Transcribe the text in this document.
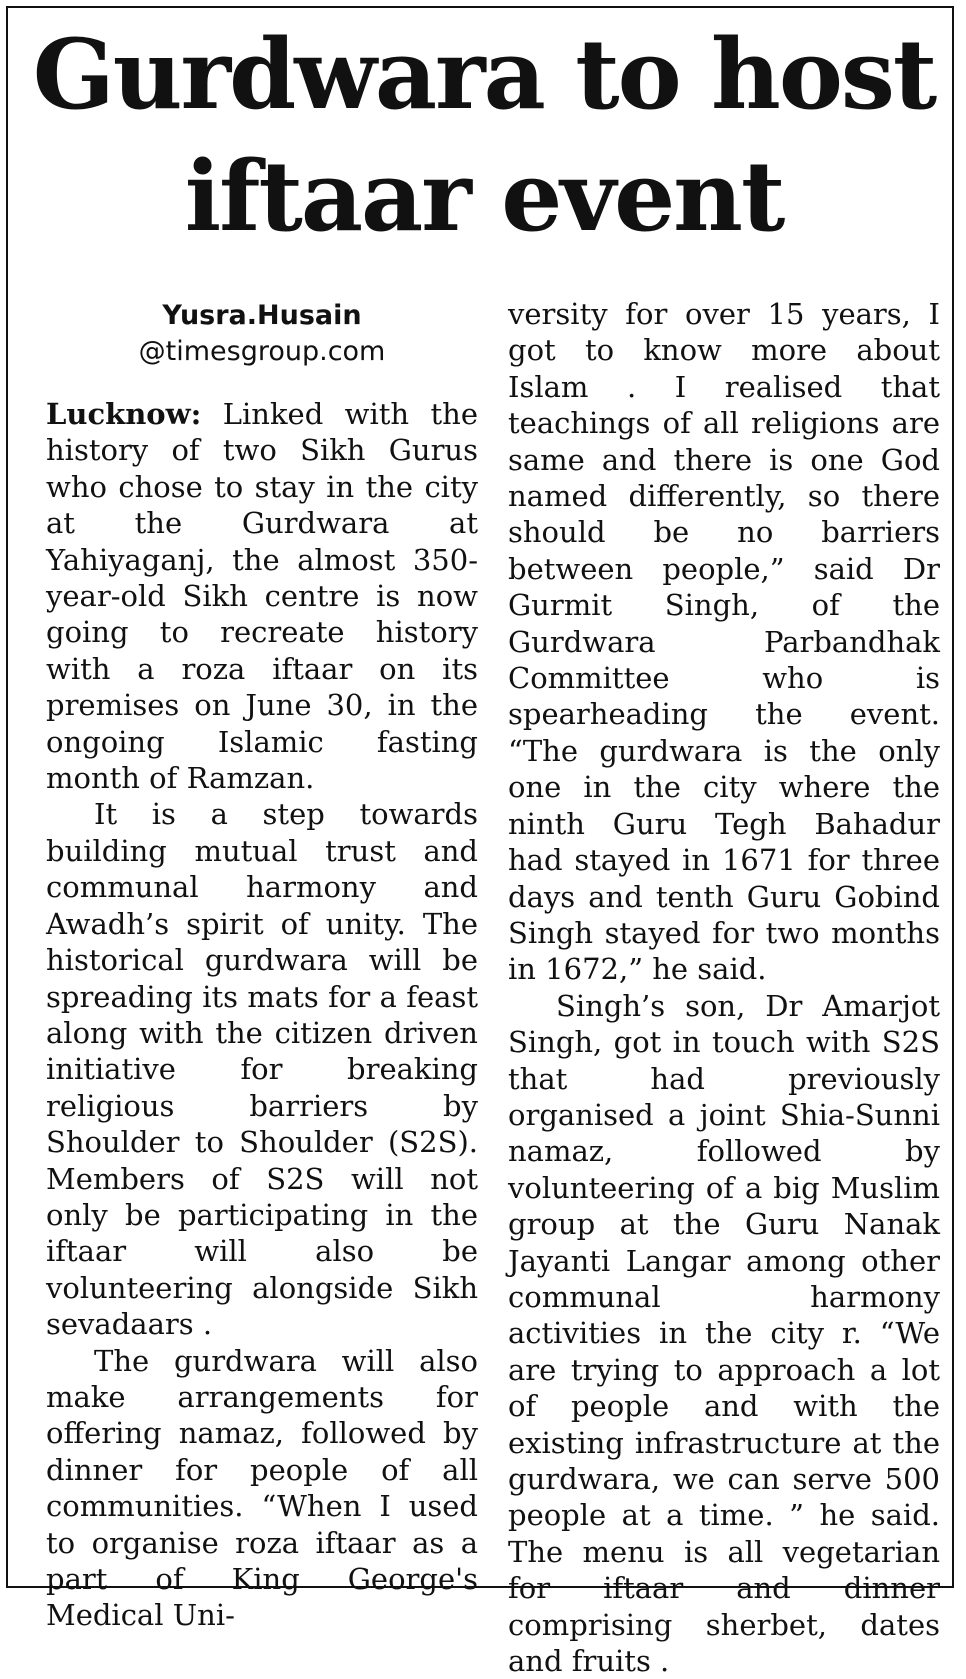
Gurdwara to host iftaar event
Yusra.Husain
@timesgroup.com

Lucknow: Linked with the history of two Sikh Gurus who chose to stay in the city at the Gurdwara at Yahiyaganj, the almost 350-year-old Sikh centre is now going to recreate history with a roza iftaar on its premises on June 30, in the ongoing Islamic fasting month of Ramzan.

It is a step towards building mutual trust and communal harmony and Awadh’s spirit of unity. The historical gurdwara will be spreading its mats for a feast along with the citizen driven initiative for breaking religious barriers by Shoulder to Shoulder (S2S). Members of S2S will not only be participating in the iftaar will also be volunteering alongside Sikh sevadaars .

The gurdwara will also make arrangements for offering namaz, followed by dinner for people of all communities. “When I used to organise roza iftaar as a part of King George's Medical Uni-

versity for over 15 years, I got to know more about Islam . I realised that teachings of all religions are same and there is one God named differently, so there should be no barriers between people,” said Dr Gurmit Singh, of the Gurdwara Parbandhak Committee who is spearheading the event. “The gurdwara is the only one in the city where the ninth Guru Tegh Bahadur had stayed in 1671 for three days and tenth Guru Gobind Singh stayed for two months in 1672,” he said.

Singh’s son, Dr Amarjot Singh, got in touch with S2S that had previously organised a joint Shia-Sunni namaz, followed by volunteering of a big Muslim group at the Guru Nanak Jayanti Langar among other communal harmony activities in the city r. “We are trying to approach a lot of people and with the existing infrastructure at the gurdwara, we can serve 500 people at a time. ” he said. The menu is all vegetarian for iftaar and dinner comprising sherbet, dates and fruits .
